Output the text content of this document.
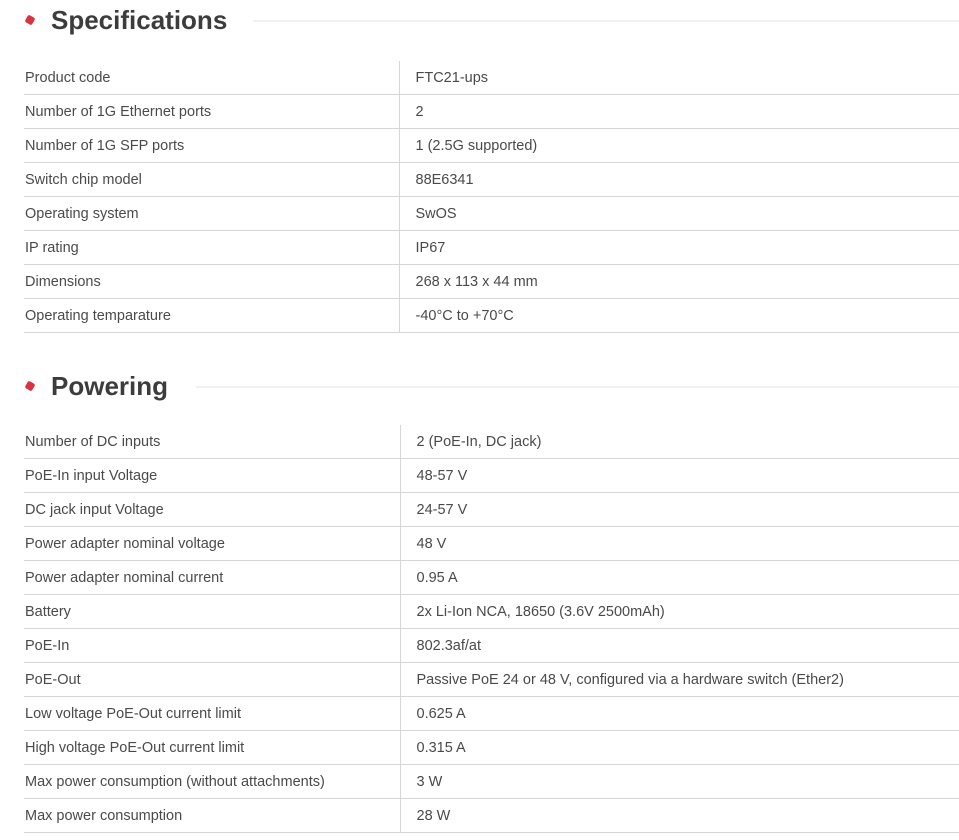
Specifications
Product code	FTC21-ups
Number of 1G Ethernet ports	2
Number of 1G SFP ports	1 (2.5G supported)
Switch chip model	88E6341
Operating system	SwOS
IP rating	IP67
Dimensions	268 x 113 x 44 mm
Operating temparature	-40°C to +70°C
Powering
Number of DC inputs	2 (PoE-In, DC jack)
PoE-In input Voltage	48-57 V
DC jack input Voltage	24-57 V
Power adapter nominal voltage	48 V
Power adapter nominal current	0.95 A
Battery	2x Li-Ion NCA, 18650 (3.6V 2500mAh)
PoE-In	802.3af/at
PoE-Out	Passive PoE 24 or 48 V, configured via a hardware switch (Ether2)
Low voltage PoE-Out current limit	0.625 A
High voltage PoE-Out current limit	0.315 A
Max power consumption (without attachments)	3 W
Max power consumption	28 W
